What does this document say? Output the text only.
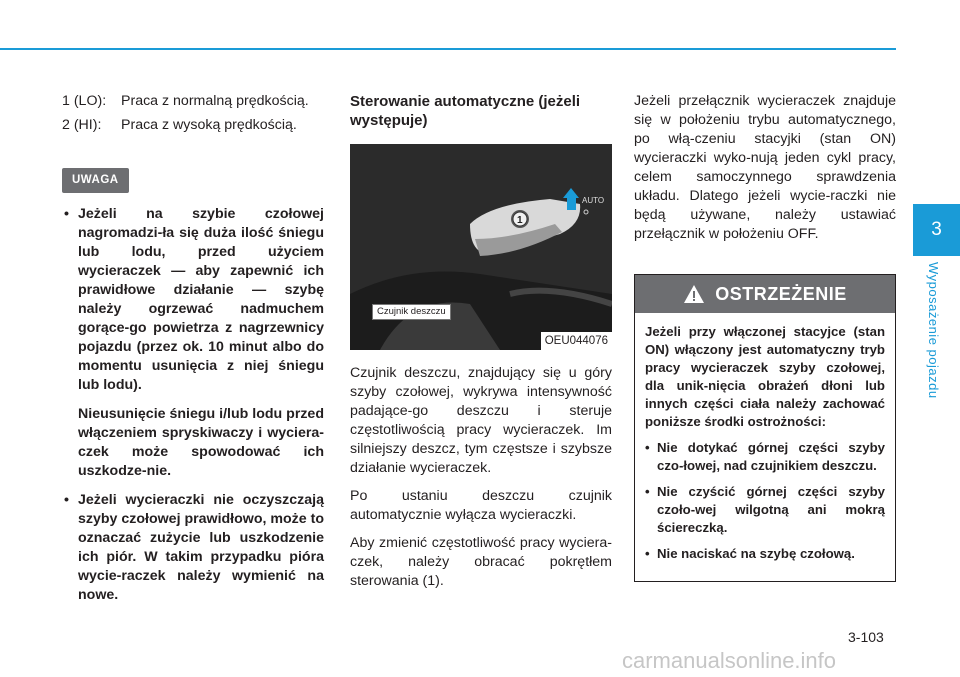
1 (LO):	Praca z normalną prędkością.
2 (HI):	Praca z wysoką prędkością.
UWAGA

• Jeżeli na szybie czołowej nagromadzi-ła się duża ilość śniegu lub lodu, przed użyciem wycieraczek — aby zapewnić ich prawidłowe działanie — szybę należy ogrzewać nadmuchem gorące-go powietrza z nagrzewnicy pojazdu (przez ok. 10 minut albo do momentu usunięcia z niej śniegu lub lodu).

Nieusunięcie śniegu i/lub lodu przed włączeniem spryskiwaczy i wyciera-czek może spowodować ich uszkodze-nie.

• Jeżeli wycieraczki nie oczyszczają szyby czołowej prawidłowo, może to oznaczać zużycie lub uszkodzenie ich piór. W takim przypadku pióra wycie-raczek należy wymienić na nowe.

Sterowanie automatyczne (jeżeli występuje)
1
AUTO
Czujnik deszczu
OEU044076

Czujnik deszczu, znajdujący się u góry szyby czołowej, wykrywa intensywność padające-go deszczu i steruje częstotliwością pracy wycieraczek. Im silniejszy deszcz, tym częstsze i szybsze działanie wycieraczek.

Po ustaniu deszczu czujnik automatycznie wyłącza wycieraczki.

Aby zmienić częstotliwość pracy wyciera-czek, należy obracać pokrętłem sterowania (1).

Jeżeli przełącznik wycieraczek znajduje się w położeniu trybu automatycznego, po włą-czeniu stacyjki (stan ON) wycieraczki wyko-nują jeden cykl pracy, celem samoczynnego sprawdzenia układu. Dlatego jeżeli wycie-raczki nie będą używane, należy ustawiać przełącznik w położeniu OFF.

OSTRZEŻENIE

Jeżeli przy włączonej stacyjce (stan ON) włączony jest automatyczny tryb pracy wycieraczek szyby czołowej, dla unik-nięcia obrażeń dłoni lub innych części ciała należy zachować poniższe środki ostrożności:

• Nie dotykać górnej części szyby czo-łowej, nad czujnikiem deszczu.

• Nie czyścić górnej części szyby czoło-wej wilgotną ani mokrą ściereczką.

• Nie naciskać na szybę czołową.

3
Wyposażenie pojazdu
3-103
carmanualsonline.info
